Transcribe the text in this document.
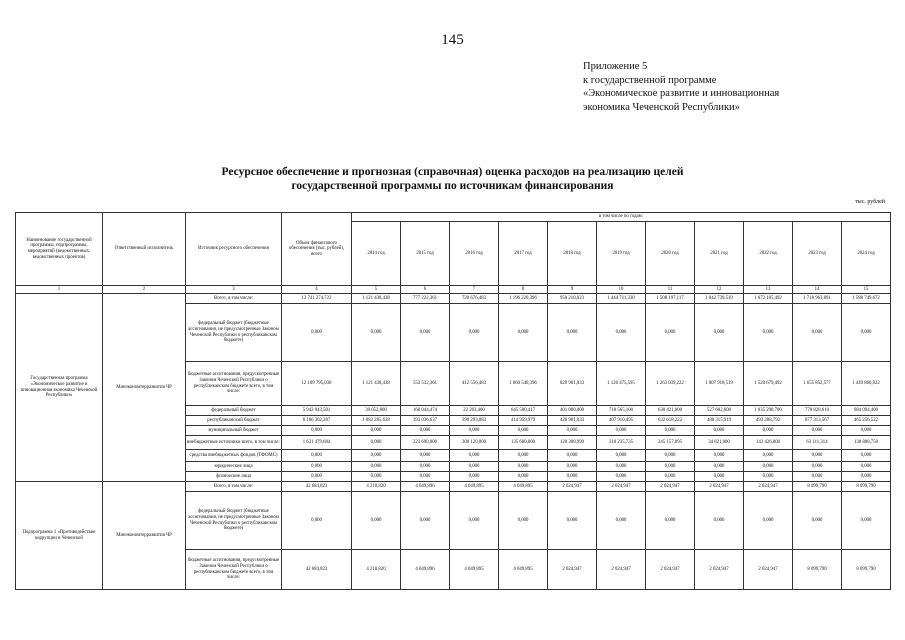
145
Приложение 5
к государственной программе
«Экономическое развитие и инновационная
экономика Чеченской Республики»
Ресурсное обеспечение и прогнозная (справочная) оценка расходов на реализацию целей
государственной программы по источникам финансирования
тыс. рублей
Наименование государственной программы, подпрограммы, мероприятий (ведомственных, ведомственных проектов)	Ответственный исполнитель	Источник ресурсного обеспечения	Объем финансового обеспечения (тыс. рублей), всего	в том числе по годам:										
				2014 год	2015 год	2016 год	2017 год	2018 год	2019 год	2020 год	2021 год	2022 год	2023 год	2024 год
1	2	3	4	5	6	7	8	9	10	11	12	13	14	15
Государственная программа «Экономическое развитие и инновационная экономика Чеченской Республики»	Минэкономтерразвития ЧР	Всего, в том числе:	13 741 274,722	1 121 438,438	777 222,361	720 676,483	1 196 220,396	950 210,023	1 444 711,330	1 508 197,117	1 042 739,519	1 672 105,492	1 718 963,891	1 588 749,672
		федеральный бюджет (бюджетные ассигнования, не предусмотренные Законом Чеченской Республики о республиканском бюджете)	0,000	0,000	0,000	0,000	0,000	0,000	0,000	0,000	0,000	0,000	0,000	0,000
		бюджетные ассигнования, предусмотренные Законом Чеченской Республики о республиканском бюджете всего, в том числе:	12 109 795,038	1 121 438,438	553 532,361	412 556,483	1 060 540,396	829 901,033	1 126 475,595	1 263 039,222	1 007 918,519	1 528 679,492	1 655 852,577	1 449 860,922
		федеральный бюджет	5 942 943,501	39 052,800	160 044,474	22 263,400	645 580,417	401 000,000	718 565,100	630 421,000	527 602,600	1 035 290,700	778 828,610	984 094,400
		республиканский бюджет	6 166 302,287	1 082 285,638	393 036,637	390 293,083	414 959,979	428 901,033	407 910,495	632 618,222	480 315,919	493 288,792	877 313,567	465 256,522
		муниципальный бюджет	0,000	0,000	0,000	0,000	0,000	0,000	0,000	0,000	0,000	0,000	0,000	0,000
		внебюджетные источники всего, в том числе:	1 631 479,684	0,000	223 690,000	308 120,000	135 680,000	120 308,990	318 235,735	245 157,895	34 821,000	143 426,000	63 111,314	138 888,750
		средства внебюджетных фондов (ТФОМС)	0,000	0,000	0,000	0,000	0,000	0,000	0,000	0,000	0,000	0,000	0,000	0,000
		юридические лица	0,000	0,000	0,000	0,000	0,000	0,000	0,000	0,000	0,000	0,000	0,000	0,000
		физические лица	0,000	0,000	0,000	0,000	0,000	0,000	0,000	0,000	0,000	0,000	0,000	0,000
Подпрограмма 1 «Противодействие коррупции в Чеченской	Минэкономтерразвития ЧР	Всего, в том числе:	42 684,823	4 210,820	4 049,896	4 049,895	4 049,895	2 024,947	2 024,947	2 024,947	2 024,947	2 024,947	8 099,790	8 099,790
		федеральный бюджет (бюджетные ассигнования, не предусмотренные Законом Чеченской Республики о республиканском бюджете)	0,000	0,000	0,000	0,000	0,000	0,000	0,000	0,000	0,000	0,000	0,000	0,000
		бюджетные ассигнования, предусмотренные Законом Чеченской Республики о республиканском бюджете всего, в том числе:	42 684,823	4 210,820	4 049,896	4 049,895	4 049,895	2 024,947	2 024,947	2 024,947	2 024,947	2 024,947	8 099,790	8 099,790
